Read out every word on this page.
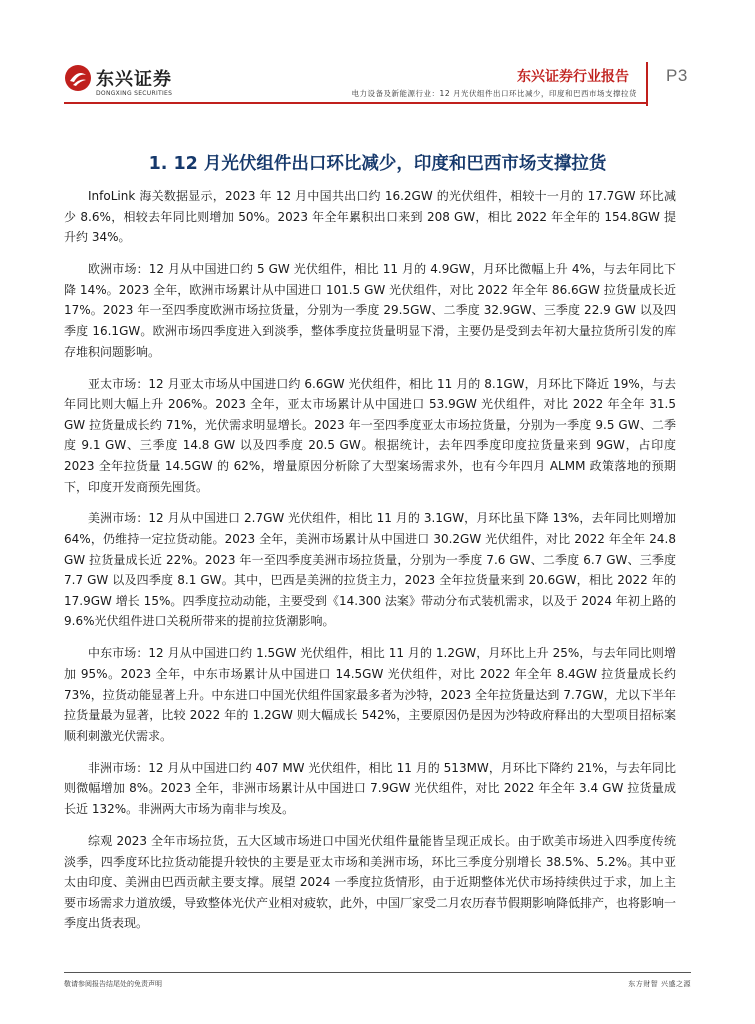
东兴证券
DONGXING SECURITIES
东兴证券行业报告
电力设备及新能源行业：12 月光伏组件出口环比减少，印度和巴西市场支撑拉货
P3
1. 12 月光伏组件出口环比减少，印度和巴西市场支撑拉货

InfoLink 海关数据显示，2023 年 12 月中国共出口约 16.2GW 的光伏组件，相较十一月的 17.7GW 环比减少 8.6%，相较去年同比则增加 50%。2023 年全年累积出口来到 208 GW，相比 2022 年全年的 154.8GW 提升约 34%。

欧洲市场：12 月从中国进口约 5 GW 光伏组件，相比 11 月的 4.9GW，月环比微幅上升 4%，与去年同比下降 14%。2023 全年，欧洲市场累计从中国进口 101.5 GW 光伏组件，对比 2022 年全年 86.6GW 拉货量成长近 17%。2023 年一至四季度欧洲市场拉货量，分别为一季度 29.5GW、二季度 32.9GW、三季度 22.9 GW 以及四季度 16.1GW。欧洲市场四季度进入到淡季，整体季度拉货量明显下滑，主要仍是受到去年初大量拉货所引发的库存堆积问题影响。

亚太市场：12 月亚太市场从中国进口约 6.6GW 光伏组件，相比 11 月的 8.1GW，月环比下降近 19%，与去年同比则大幅上升 206%。2023 全年，亚太市场累计从中国进口 53.9GW 光伏组件，对比 2022 年全年 31.5 GW 拉货量成长约 71%，光伏需求明显增长。2023 年一至四季度亚太市场拉货量，分别为一季度 9.5 GW、二季度 9.1 GW、三季度 14.8 GW 以及四季度 20.5 GW。根据统计，去年四季度印度拉货量来到 9GW，占印度 2023 全年拉货量 14.5GW 的 62%，增量原因分析除了大型案场需求外，也有今年四月 ALMM 政策落地的预期下，印度开发商预先囤货。

美洲市场：12 月从中国进口 2.7GW 光伏组件，相比 11 月的 3.1GW，月环比虽下降 13%，去年同比则增加 64%，仍维持一定拉货动能。2023 全年，美洲市场累计从中国进口 30.2GW 光伏组件，对比 2022 年全年 24.8 GW 拉货量成长近 22%。2023 年一至四季度美洲市场拉货量，分别为一季度 7.6 GW、二季度 6.7 GW、三季度 7.7 GW 以及四季度 8.1 GW。其中，巴西是美洲的拉货主力，2023 全年拉货量来到 20.6GW，相比 2022 年的 17.9GW 增长 15%。四季度拉动动能，主要受到《14.300 法案》带动分布式装机需求，以及于 2024 年初上路的 9.6%光伏组件进口关税所带来的提前拉货潮影响。

中东市场：12 月从中国进口约 1.5GW 光伏组件，相比 11 月的 1.2GW，月环比上升 25%，与去年同比则增加 95%。2023 全年，中东市场累计从中国进口 14.5GW 光伏组件，对比 2022 年全年 8.4GW 拉货量成长约 73%，拉货动能显著上升。中东进口中国光伏组件国家最多者为沙特，2023 全年拉货量达到 7.7GW，尤以下半年拉货量最为显著，比较 2022 年的 1.2GW 则大幅成长 542%，主要原因仍是因为沙特政府释出的大型项目招标案顺利刺激光伏需求。

非洲市场：12 月从中国进口约 407 MW 光伏组件，相比 11 月的 513MW，月环比下降约 21%，与去年同比则微幅增加 8%。2023 全年，非洲市场累计从中国进口 7.9GW 光伏组件，对比 2022 年全年 3.4 GW 拉货量成长近 132%。非洲两大市场为南非与埃及。

综观 2023 全年市场拉货，五大区域市场进口中国光伏组件量能皆呈现正成长。由于欧美市场进入四季度传统淡季，四季度环比拉货动能提升较快的主要是亚太市场和美洲市场，环比三季度分别增长 38.5%、5.2%。其中亚太由印度、美洲由巴西贡献主要支撑。展望 2024 一季度拉货情形，由于近期整体光伏市场持续供过于求，加上主要市场需求力道放缓，导致整体光伏产业相对疲软，此外，中国厂家受二月农历春节假期影响降低排产，也将影响一季度出货表现。

敬请参阅报告结尾处的免责声明	东方财智 兴盛之源
